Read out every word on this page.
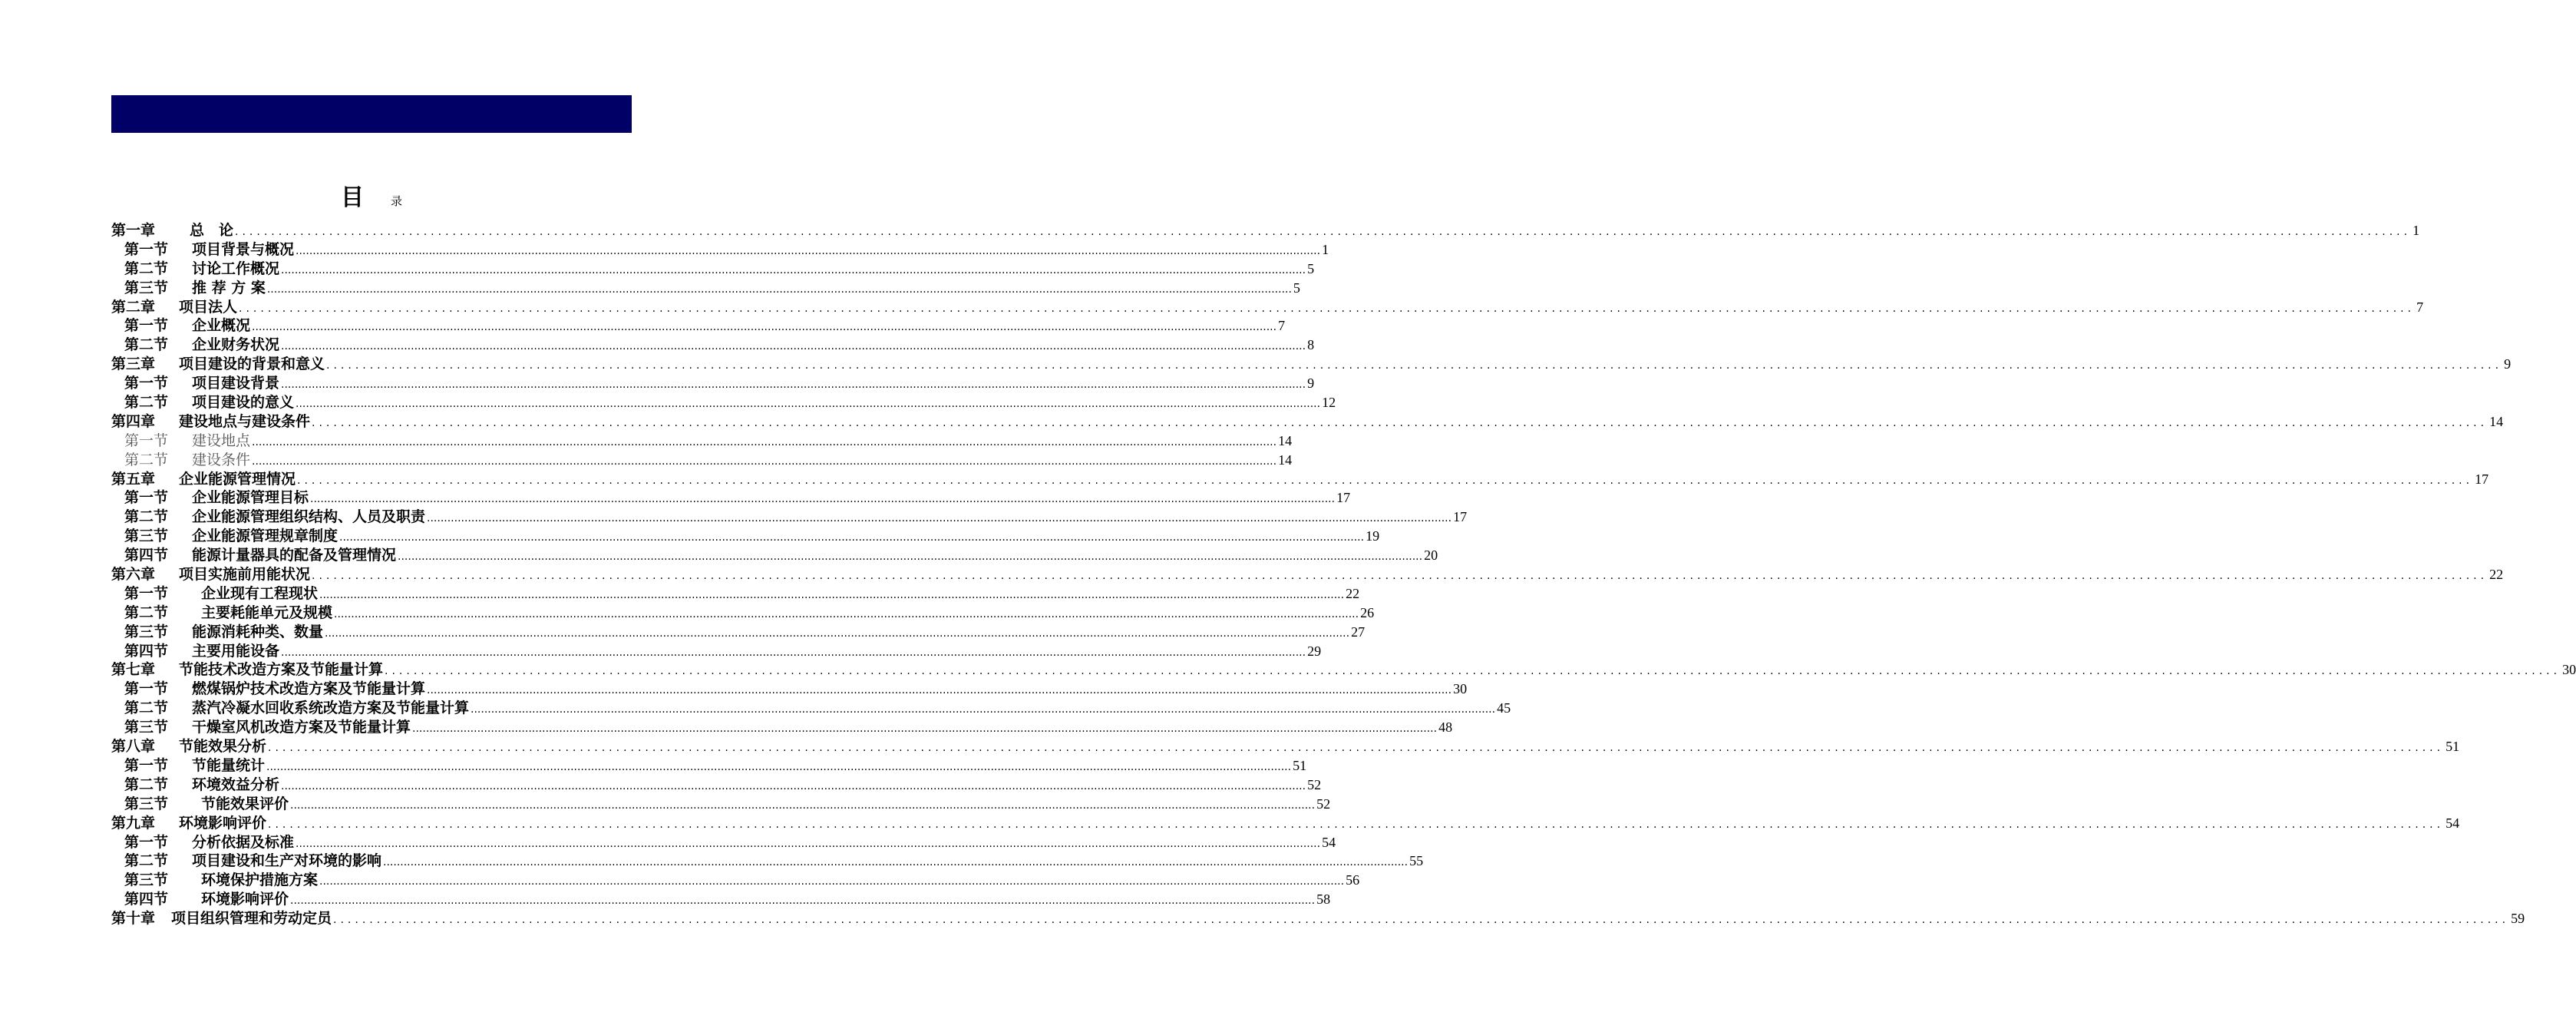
目 录
第一章 总　论 ............................................................................................................................................................................................................................................................................................................ 1
第一节 项目背景与概况 ............................................................................................................................................................................................................................................................................................................ 1
第二节 讨论工作概况 ............................................................................................................................................................................................................................................................................................................ 5
第三节 推 荐 方 案 ............................................................................................................................................................................................................................................................................................................ 5
第二章 项目法人 ............................................................................................................................................................................................................................................................................................................ 7
第一节 企业概况 ............................................................................................................................................................................................................................................................................................................ 7
第二节 企业财务状况 ............................................................................................................................................................................................................................................................................................................ 8
第三章 项目建设的背景和意义 ............................................................................................................................................................................................................................................................................................................ 9
第一节 项目建设背景 ............................................................................................................................................................................................................................................................................................................ 9
第二节 项目建设的意义 ............................................................................................................................................................................................................................................................................................................ 12
第四章 建设地点与建设条件 ............................................................................................................................................................................................................................................................................................................ 14
第一节 建设地点 ............................................................................................................................................................................................................................................................................................................ 14
第二节 建设条件 ............................................................................................................................................................................................................................................................................................................ 14
第五章 企业能源管理情况 ............................................................................................................................................................................................................................................................................................................ 17
第一节 企业能源管理目标 ............................................................................................................................................................................................................................................................................................................ 17
第二节 企业能源管理组织结构、人员及职责 ............................................................................................................................................................................................................................................................................................................ 17
第三节 企业能源管理规章制度 ............................................................................................................................................................................................................................................................................................................ 19
第四节 能源计量器具的配备及管理情况 ............................................................................................................................................................................................................................................................................................................ 20
第六章 项目实施前用能状况 ............................................................................................................................................................................................................................................................................................................ 22
第一节 企业现有工程现状 ............................................................................................................................................................................................................................................................................................................ 22
第二节 主要耗能单元及规模 ............................................................................................................................................................................................................................................................................................................ 26
第三节 能源消耗种类、数量 ............................................................................................................................................................................................................................................................................................................ 27
第四节 主要用能设备 ............................................................................................................................................................................................................................................................................................................ 29
第七章 节能技术改造方案及节能量计算 ............................................................................................................................................................................................................................................................................................................ 30
第一节 燃煤锅炉技术改造方案及节能量计算 ............................................................................................................................................................................................................................................................................................................ 30
第二节 蒸汽冷凝水回收系统改造方案及节能量计算 ............................................................................................................................................................................................................................................................................................................ 45
第三节 干燥室风机改造方案及节能量计算 ............................................................................................................................................................................................................................................................................................................ 48
第八章 节能效果分析 ............................................................................................................................................................................................................................................................................................................ 51
第一节 节能量统计 ............................................................................................................................................................................................................................................................................................................ 51
第二节 环境效益分析 ............................................................................................................................................................................................................................................................................................................ 52
第三节 节能效果评价 ............................................................................................................................................................................................................................................................................................................ 52
第九章 环境影响评价 ............................................................................................................................................................................................................................................................................................................ 54
第一节 分析依据及标准 ............................................................................................................................................................................................................................................................................................................ 54
第二节 项目建设和生产对环境的影响 ............................................................................................................................................................................................................................................................................................................ 55
第三节 环境保护措施方案 ............................................................................................................................................................................................................................................................................................................ 56
第四节 环境影响评价 ............................................................................................................................................................................................................................................................................................................ 58
第十章 项目组织管理和劳动定员 ............................................................................................................................................................................................................................................................................................................ 59
